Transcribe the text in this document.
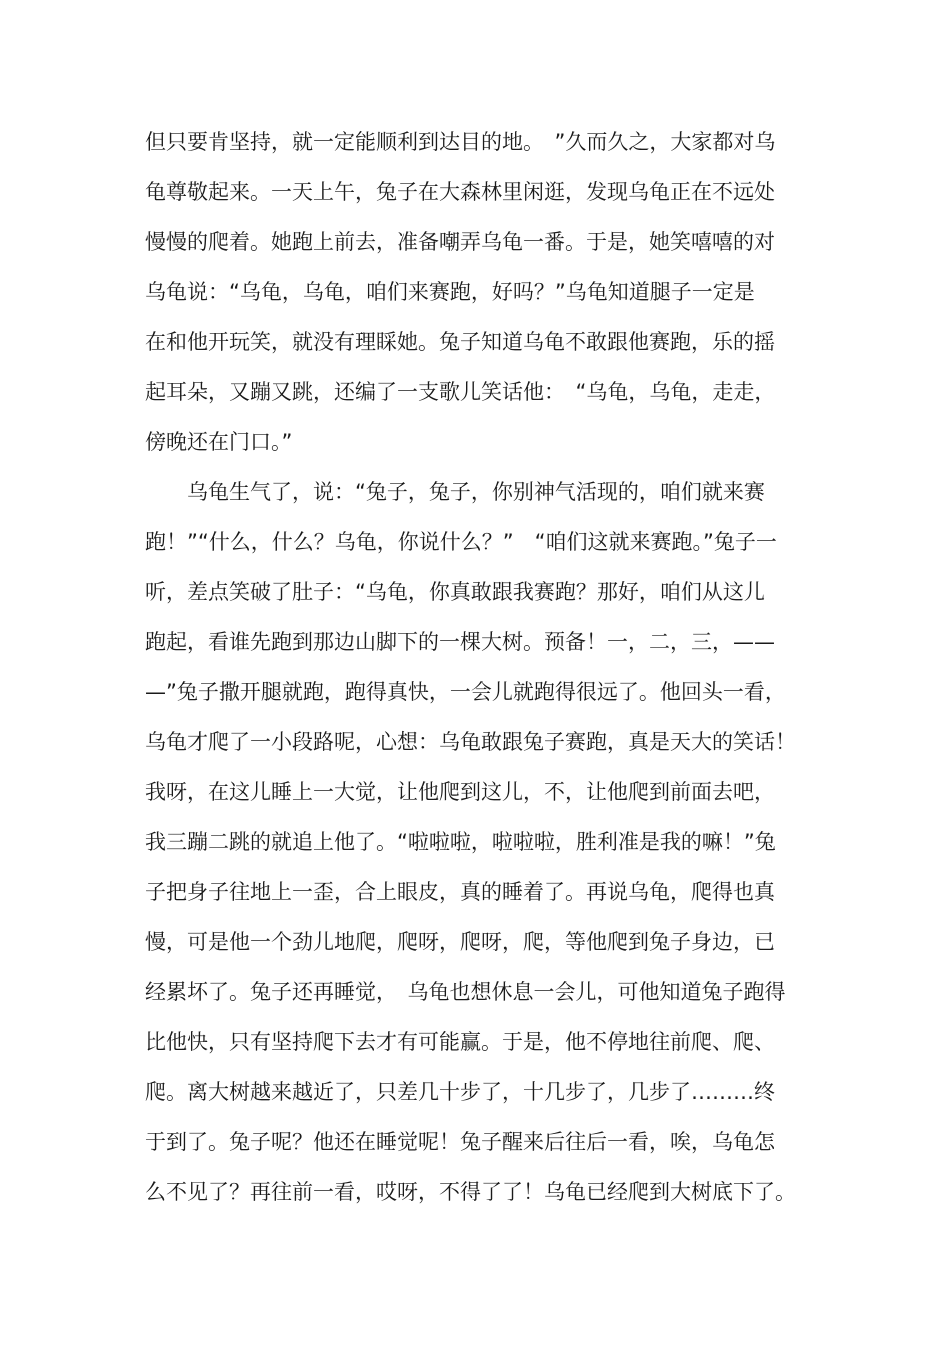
但只要肯坚持，就一定能顺利到达目的地。　”久而久之，大家都对乌
龟尊敬起来。一天上午，兔子在大森林里闲逛，发现乌龟正在不远处
慢慢的爬着。她跑上前去，准备嘲弄乌龟一番。于是，她笑嘻嘻的对
乌龟说：“乌龟，乌龟，咱们来赛跑，好吗？”乌龟知道腿子一定是
在和他开玩笑，就没有理睬她。兔子知道乌龟不敢跟他赛跑，乐的摇
起耳朵，又蹦又跳，还编了一支歌儿笑话他：　“乌龟，乌龟，走走，
傍晚还在门口。”
乌龟生气了，说：“兔子，兔子，你别神气活现的，咱们就来赛
跑！”“什么，什么？乌龟，你说什么？”　“咱们这就来赛跑。”兔子一
听，差点笑破了肚子：“乌龟，你真敢跟我赛跑？那好，咱们从这儿
跑起，看谁先跑到那边山脚下的一棵大树。预备！一，二，三，——
—”兔子撒开腿就跑，跑得真快，一会儿就跑得很远了。他回头一看，
乌龟才爬了一小段路呢，心想：乌龟敢跟兔子赛跑，真是天大的笑话！
我呀，在这儿睡上一大觉，让他爬到这儿，不，让他爬到前面去吧，
我三蹦二跳的就追上他了。“啦啦啦，啦啦啦，胜利准是我的嘛！”兔
子把身子往地上一歪，合上眼皮，真的睡着了。再说乌龟，爬得也真
慢，可是他一个劲儿地爬，爬呀，爬呀，爬，等他爬到兔子身边，已
经累坏了。兔子还再睡觉，　乌龟也想休息一会儿，可他知道兔子跑得
比他快，只有坚持爬下去才有可能赢。于是，他不停地往前爬、爬、
爬。离大树越来越近了，只差几十步了，十几步了，几步了………终
于到了。兔子呢？他还在睡觉呢！兔子醒来后往后一看，唉，乌龟怎
么不见了？再往前一看，哎呀，不得了了！乌龟已经爬到大树底下了。
